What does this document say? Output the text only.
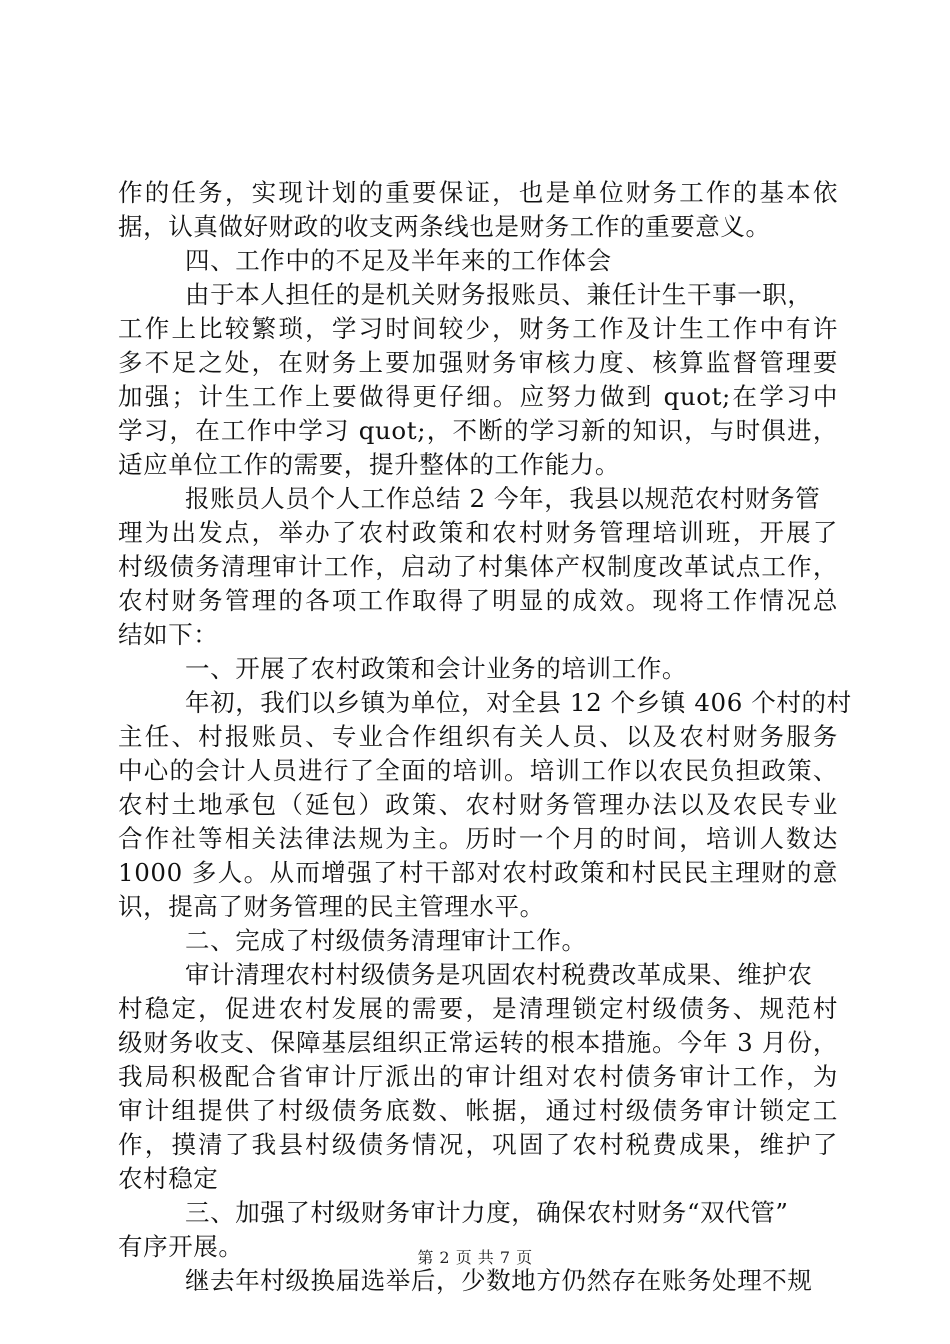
作的任务，实现计划的重要保证，也是单位财务工作的基本依
据，认真做好财政的收支两条线也是财务工作的重要意义。
四、工作中的不足及半年来的工作体会
由于本人担任的是机关财务报账员、兼任计生干事一职，
工作上比较繁琐，学习时间较少，财务工作及计生工作中有许
多不足之处，在财务上要加强财务审核力度、核算监督管理要
加强；计生工作上要做得更仔细。应努力做到 quot;在学习中
学习，在工作中学习 quot;，不断的学习新的知识，与时俱进，
适应单位工作的需要，提升整体的工作能力。
报账员人员个人工作总结 2 今年，我县以规范农村财务管
理为出发点，举办了农村政策和农村财务管理培训班，开展了
村级债务清理审计工作，启动了村集体产权制度改革试点工作，
农村财务管理的各项工作取得了明显的成效。现将工作情况总
结如下：
一、开展了农村政策和会计业务的培训工作。
年初，我们以乡镇为单位，对全县 12 个乡镇 406 个村的村
主任、村报账员、专业合作组织有关人员、以及农村财务服务
中心的会计人员进行了全面的培训。培训工作以农民负担政策、
农村土地承包（延包）政策、农村财务管理办法以及农民专业
合作社等相关法律法规为主。历时一个月的时间，培训人数达
1000 多人。从而增强了村干部对农村政策和村民民主理财的意
识，提高了财务管理的民主管理水平。
二、完成了村级债务清理审计工作。
审计清理农村村级债务是巩固农村税费改革成果、维护农
村稳定，促进农村发展的需要，是清理锁定村级债务、规范村
级财务收支、保障基层组织正常运转的根本措施。今年 3 月份，
我局积极配合省审计厅派出的审计组对农村债务审计工作，为
审计组提供了村级债务底数、帐据，通过村级债务审计锁定工
作，摸清了我县村级债务情况，巩固了农村税费成果，维护了
农村稳定
三、加强了村级财务审计力度，确保农村财务“双代管”
有序开展。
继去年村级换届选举后，少数地方仍然存在账务处理不规
第 2 页 共 7 页
